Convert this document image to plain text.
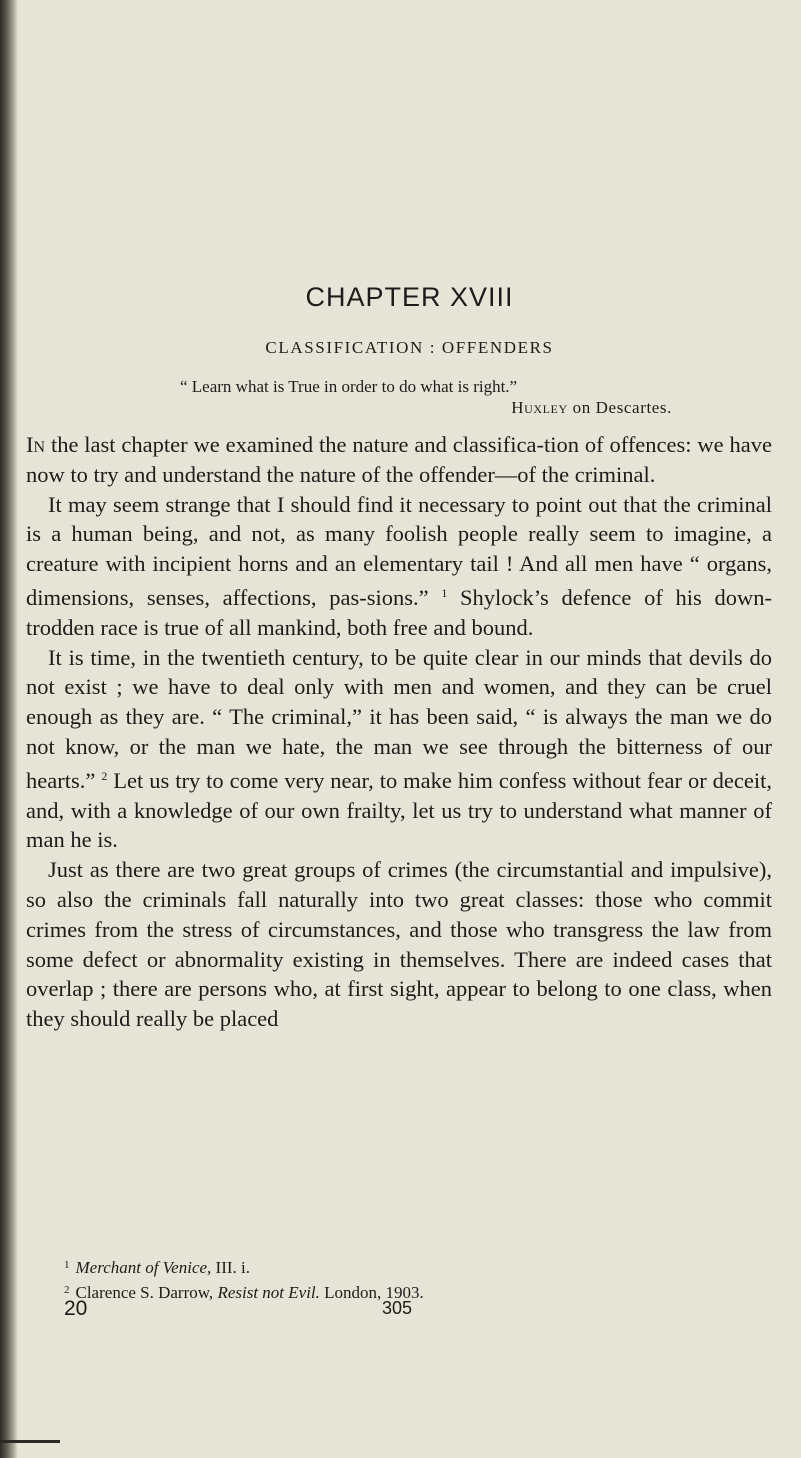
CHAPTER XVIII
CLASSIFICATION : OFFENDERS
“ Learn what is True in order to do what is right.”
Huxley on Descartes.

In the last chapter we examined the nature and classifica-tion of offences: we have now to try and understand the nature of the offender—of the criminal.

It may seem strange that I should find it necessary to point out that the criminal is a human being, and not, as many foolish people really seem to imagine, a creature with incipient horns and an elementary tail ! And all men have “ organs, dimensions, senses, affections, pas-sions.” $^1$ Shylock’s defence of his down-trodden race is true of all mankind, both free and bound.

It is time, in the twentieth century, to be quite clear in our minds that devils do not exist ; we have to deal only with men and women, and they can be cruel enough as they are. “ The criminal,” it has been said, “ is always the man we do not know, or the man we hate, the man we see through the bitterness of our hearts.” $^2$ Let us try to come very near, to make him confess without fear or deceit, and, with a knowledge of our own frailty, let us try to understand what manner of man he is.

Just as there are two great groups of crimes (the circumstantial and impulsive), so also the criminals fall naturally into two great classes: those who commit crimes from the stress of circumstances, and those who transgress the law from some defect or abnormality existing in themselves. There are indeed cases that overlap ; there are persons who, at first sight, appear to belong to one class, when they should really be placed

$^1$ Merchant of Venice, III. i.
$^2$ Clarence S. Darrow, Resist not Evil. London, 1903.
20	305
